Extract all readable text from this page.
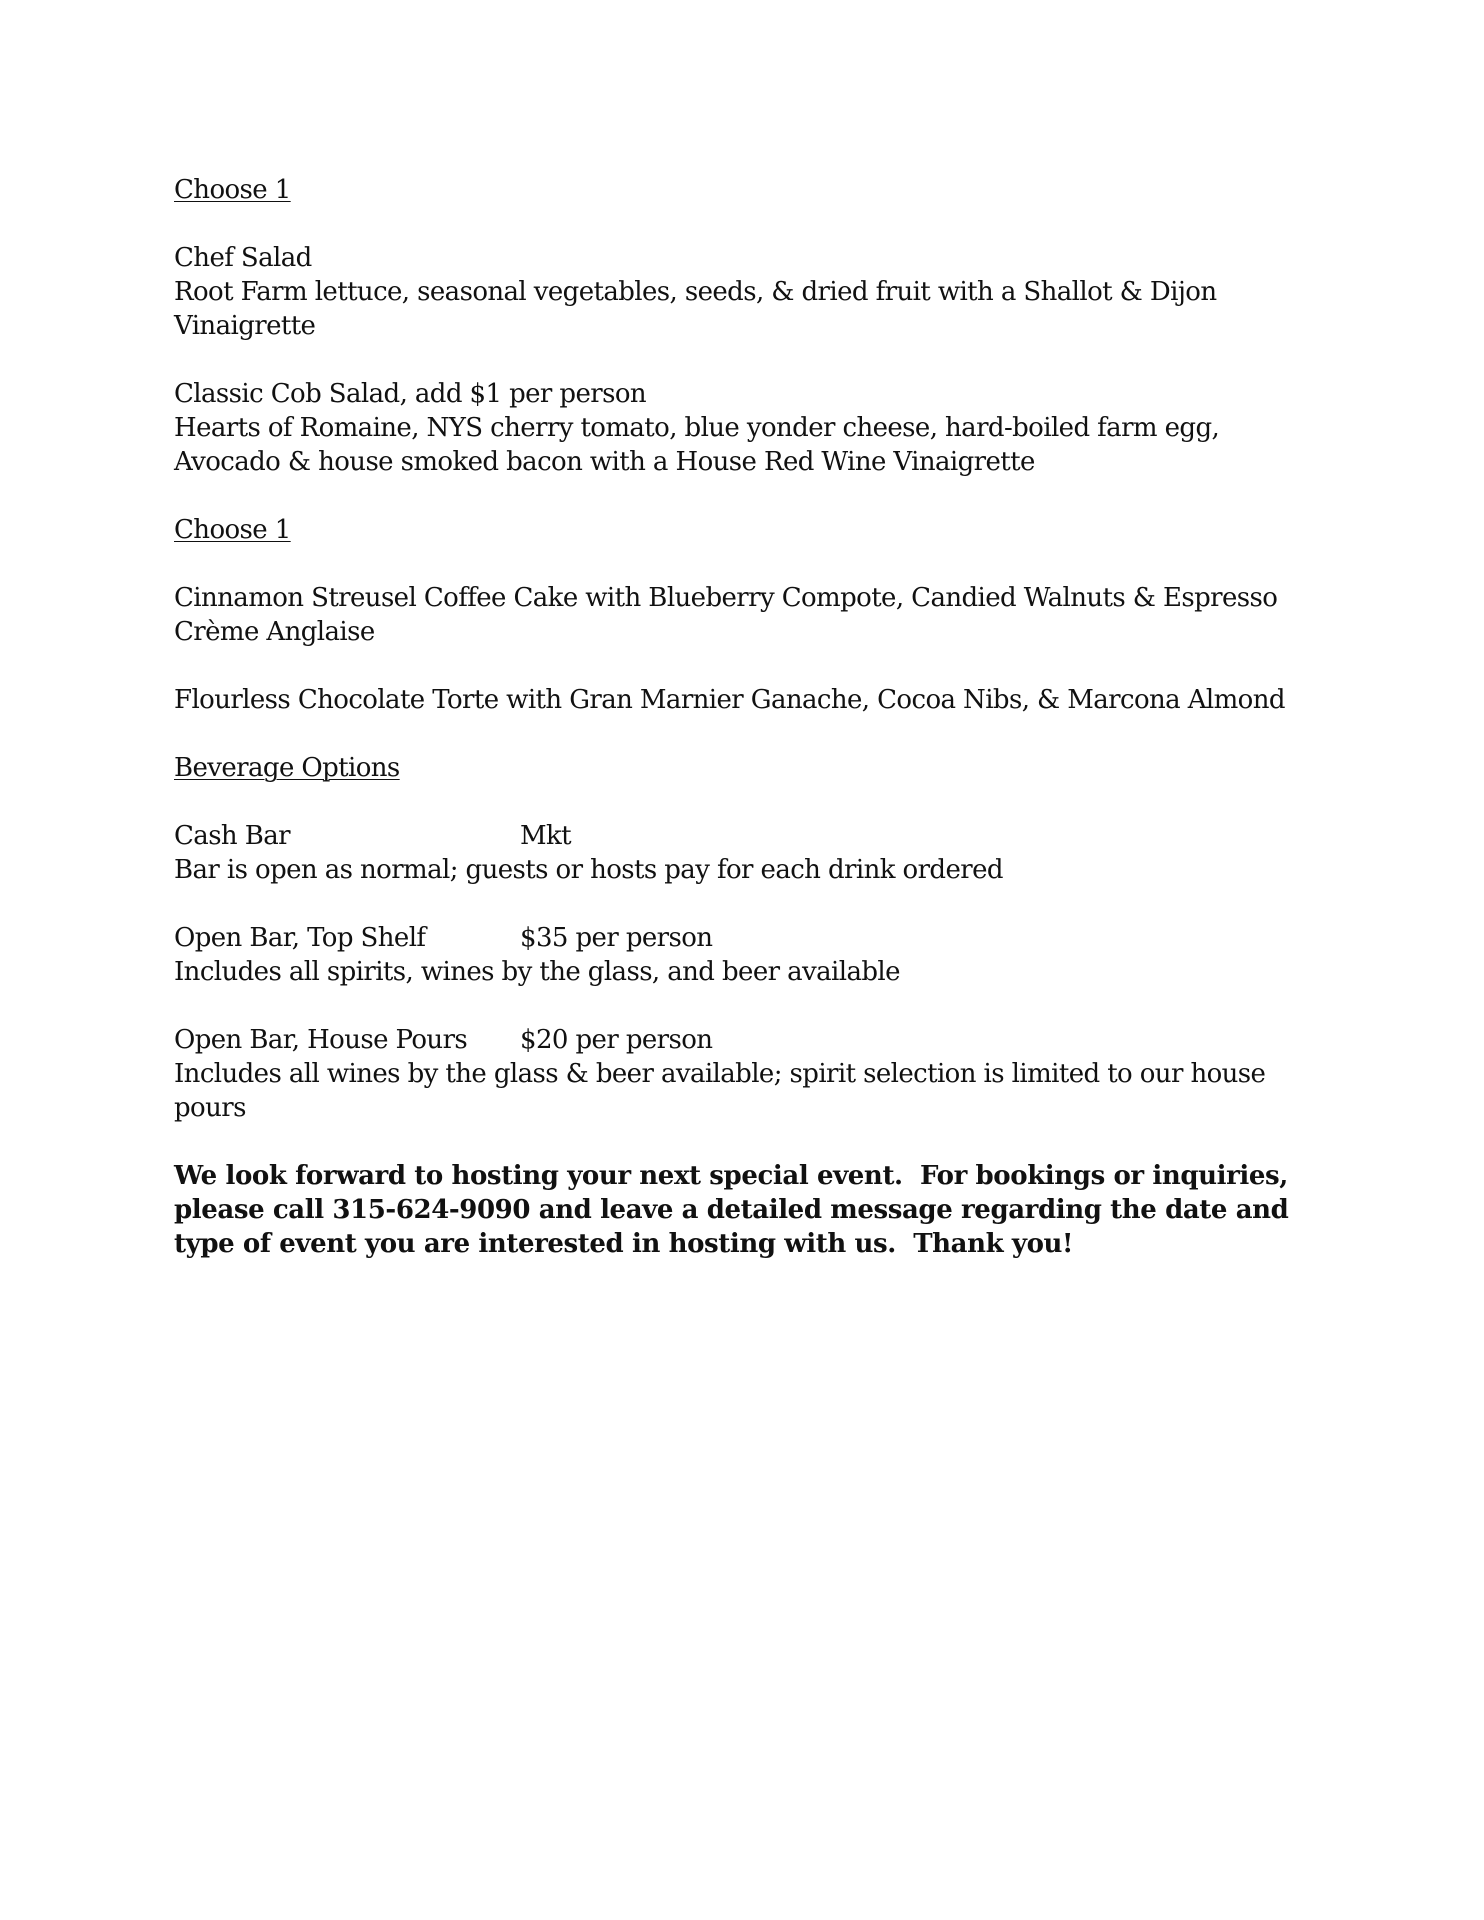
Choose 1
Chef Salad
Root Farm lettuce, seasonal vegetables, seeds, & dried fruit with a Shallot & Dijon
Vinaigrette
Classic Cob Salad, add $1 per person
Hearts of Romaine, NYS cherry tomato, blue yonder cheese, hard-boiled farm egg,
Avocado & house smoked bacon with a House Red Wine Vinaigrette
Choose 1
Cinnamon Streusel Coffee Cake with Blueberry Compote, Candied Walnuts & Espresso
Crème Anglaise
Flourless Chocolate Torte with Gran Marnier Ganache, Cocoa Nibs, & Marcona Almond
Beverage Options
Cash Bar	Mkt
Bar is open as normal; guests or hosts pay for each drink ordered
Open Bar, Top Shelf	$35 per person
Includes all spirits, wines by the glass, and beer available
Open Bar, House Pours $20 per person
Includes all wines by the glass & beer available; spirit selection is limited to our house
pours
We look forward to hosting your next special event.  For bookings or inquiries,
please call 315-624-9090 and leave a detailed message regarding the date and
type of event you are interested in hosting with us.  Thank you!
